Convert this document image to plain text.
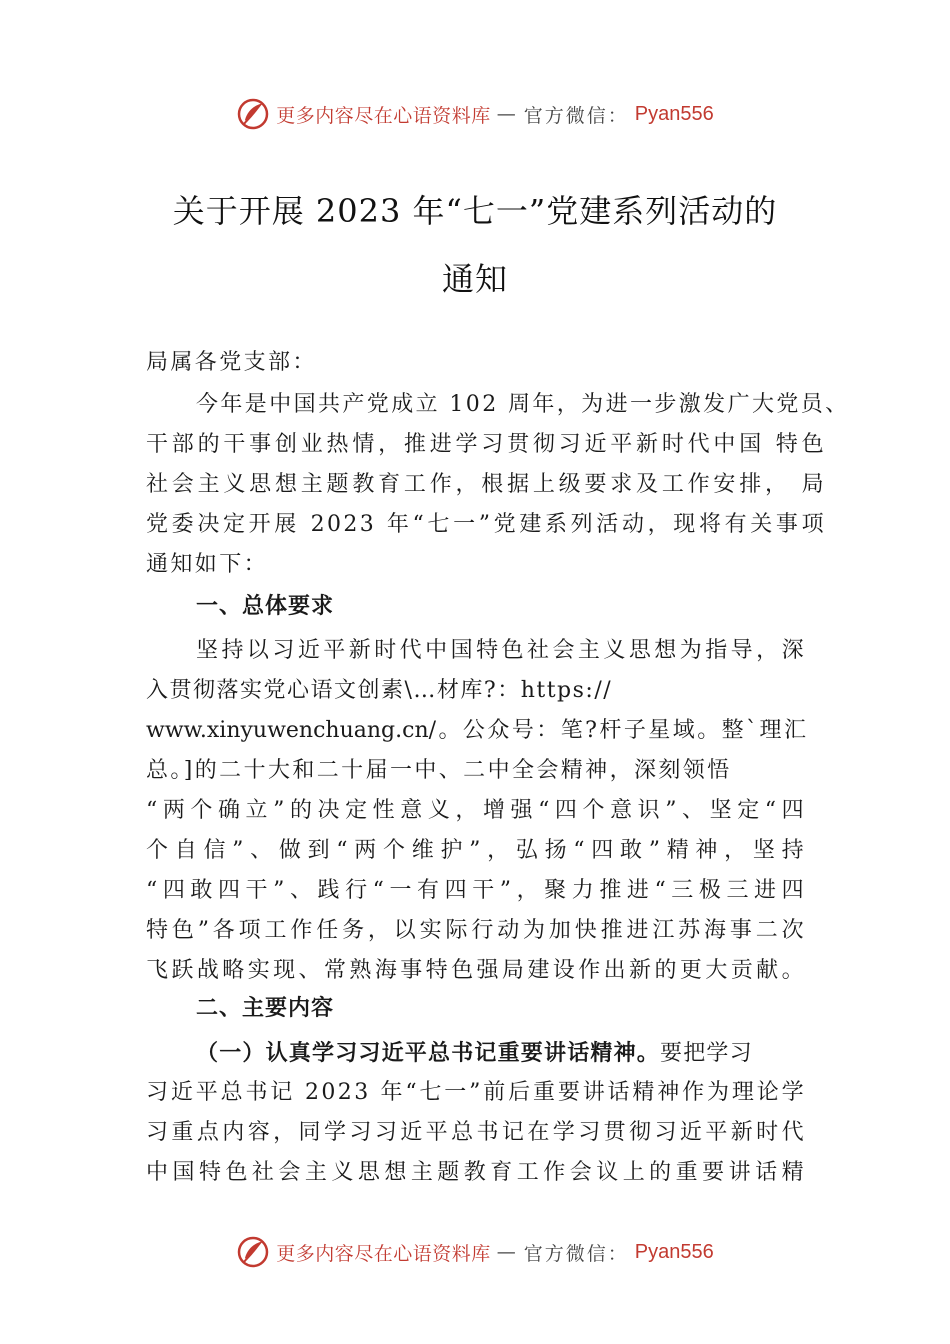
更多内容尽在心语资料库 — 官方微信： Pyan556
关于开展 2023 年“七一”党建系列活动的
通知
局属各党支部：
今年是中国共产党成立 102 周年，为进一步激发广大党员、
干部的干事创业热情，推进学习贯彻习近平新时代中国 特色
社会主义思想主题教育工作，根据上级要求及工作安排， 局
党委决定开展 2023 年“七一”党建系列活动，现将有关事项
通知如下：
一、总体要求
坚持以习近平新时代中国特色社会主义思想为指导，深
入贯彻落实党心语文创素\…材库?：https://
www.xinyuwenchuang.cn/。公众号：笔?杆子星域。整`理汇
总。]的二十大和二十届一中、二中全会精神，深刻领悟
“两个确立”的决定性意义，增强“四个意识”、坚定“四
个自信”、做到“两个维护”，弘扬“四敢”精神，坚持
“四敢四干”、践行“一有四干”，聚力推进“三极三进四
特色”各项工作任务，以实际行动为加快推进江苏海事二次
飞跃战略实现、常熟海事特色强局建设作出新的更大贡献。
二、主要内容
（一）认真学习习近平总书记重要讲话精神。要把学习
习近平总书记 2023 年“七一”前后重要讲话精神作为理论学
习重点内容，同学习习近平总书记在学习贯彻习近平新时代
中国特色社会主义思想主题教育工作会议上的重要讲话精
更多内容尽在心语资料库 — 官方微信： Pyan556
